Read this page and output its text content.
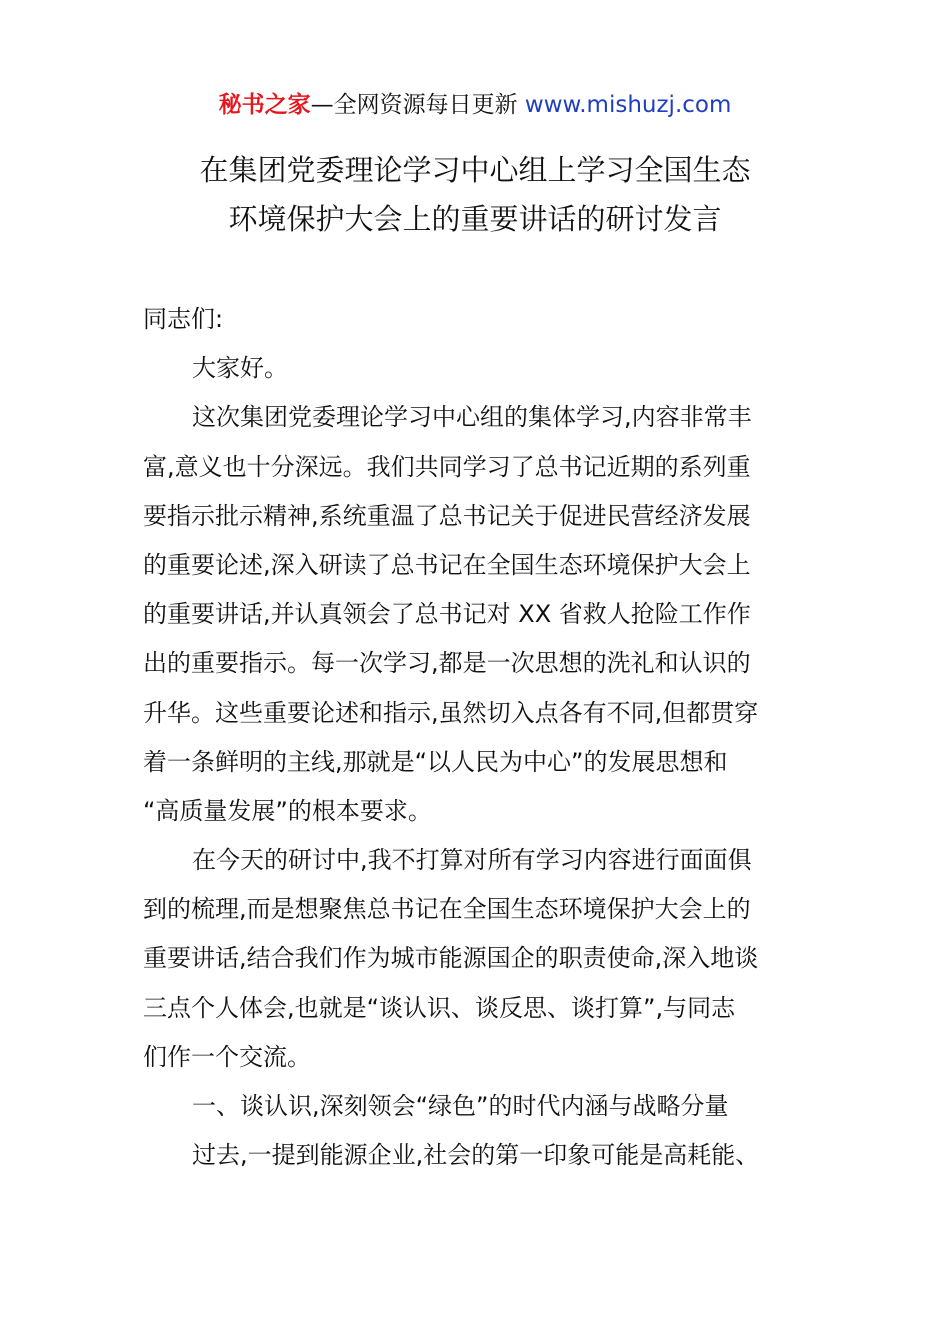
秘书之家—全网资源每日更新 www.mishuzj.com
在集团党委理论学习中心组上学习全国生态
环境保护大会上的重要讲话的研讨发言
同志们:
大家好。
这次集团党委理论学习中心组的集体学习,内容非常丰
富,意义也十分深远。我们共同学习了总书记近期的系列重
要指示批示精神,系统重温了总书记关于促进民营经济发展
的重要论述,深入研读了总书记在全国生态环境保护大会上
的重要讲话,并认真领会了总书记对 XX 省救人抢险工作作
出的重要指示。每一次学习,都是一次思想的洗礼和认识的
升华。这些重要论述和指示,虽然切入点各有不同,但都贯穿
着一条鲜明的主线,那就是“以人民为中心”的发展思想和
“高质量发展”的根本要求。
在今天的研讨中,我不打算对所有学习内容进行面面俱
到的梳理,而是想聚焦总书记在全国生态环境保护大会上的
重要讲话,结合我们作为城市能源国企的职责使命,深入地谈
三点个人体会,也就是“谈认识、谈反思、谈打算”,与同志
们作一个交流。
一、谈认识,深刻领会“绿色”的时代内涵与战略分量
过去,一提到能源企业,社会的第一印象可能是高耗能、
